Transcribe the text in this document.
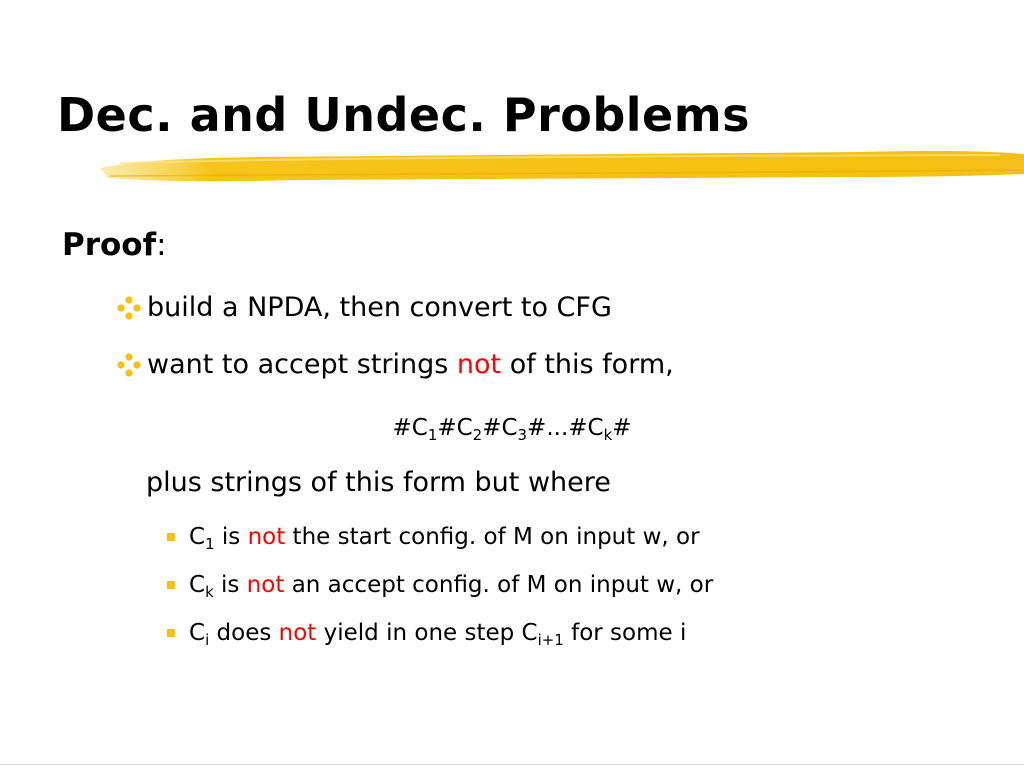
Dec. and Undec. Problems
Proof:
build a NPDA, then convert to CFG
want to accept strings not of this form,
$\#C_1\#C_2\#C_3\#...\#C_k\#$
plus strings of this form but where
$C_1$ is not the start config. of M on input w, or
$C_k$ is not an accept config. of M on input w, or
$C_i$ does not yield in one step $C_{i+1}$ for some i
